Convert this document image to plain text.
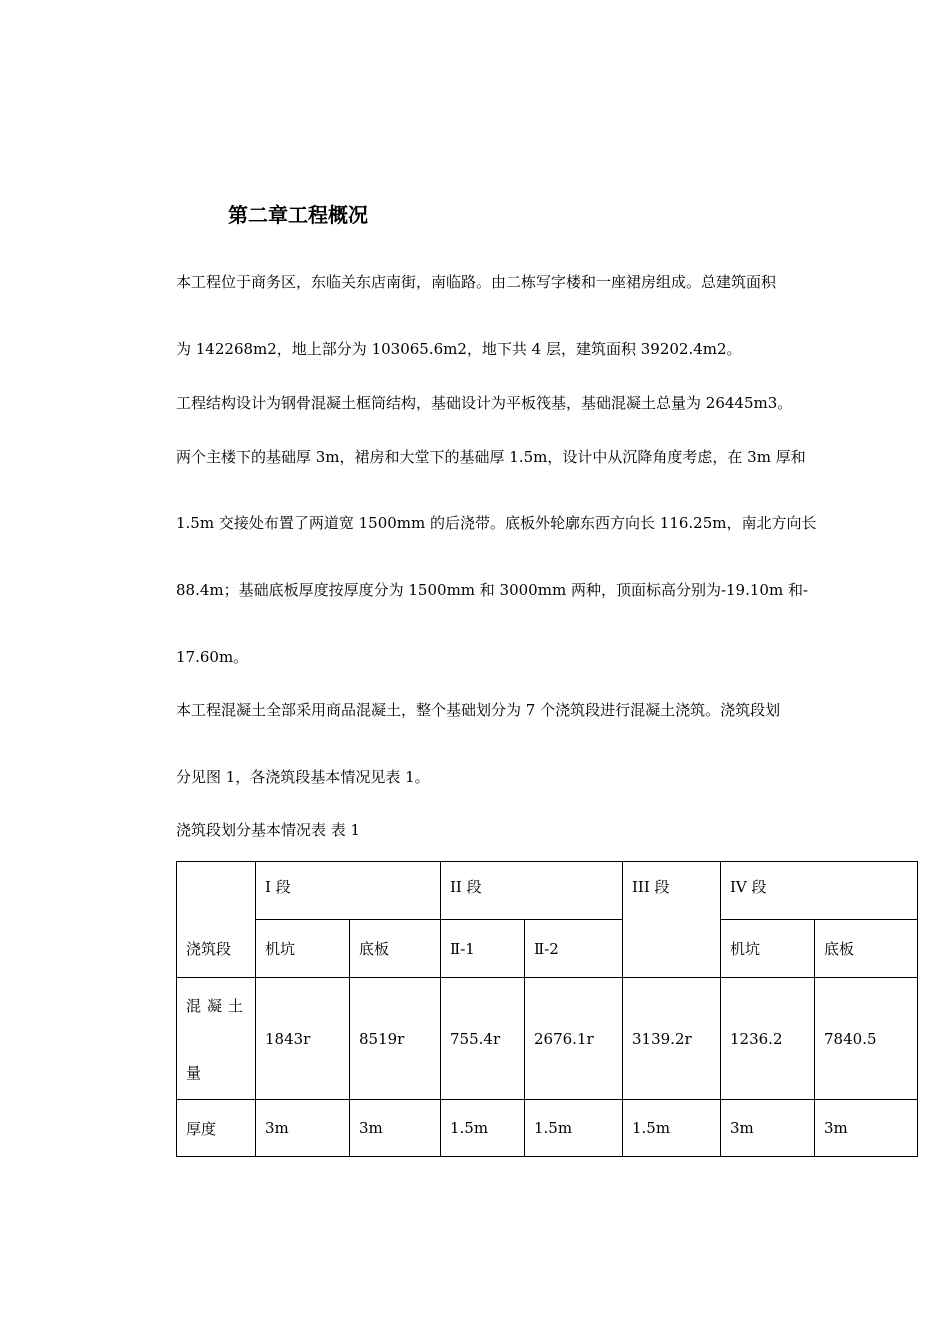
第二章工程概况

本工程位于商务区，东临关东店南街，南临路。由二栋写字楼和一座裙房组成。总建筑面积

为 142268m2，地上部分为 103065.6m2，地下共 4 层，建筑面积 39202.4m2。

工程结构设计为钢骨混凝土框筒结构，基础设计为平板筏基，基础混凝土总量为 26445m3。

两个主楼下的基础厚 3m，裙房和大堂下的基础厚 1.5m，设计中从沉降角度考虑，在 3m 厚和

1.5m 交接处布置了两道宽 1500mm 的后浇带。底板外轮廓东西方向长 116.25m，南北方向长

88.4m；基础底板厚度按厚度分为 1500mm 和 3000mm 两种，顶面标高分别为-19.10m 和-

17.60m。

本工程混凝土全部采用商品混凝土，整个基础划分为 7 个浇筑段进行混凝土浇筑。浇筑段划

分见图 1，各浇筑段基本情况见表 1。

浇筑段划分基本情况表 表 1

浇筑段	I 段		II 段		III 段	IV 段	
	机坑	底板	Ⅱ-1	Ⅱ-2		机坑	底板

混凝土
量	1843r	8519r	755.4r	2676.1r	3139.2r	1236.2	7840.5
厚度	3m	3m	1.5m	1.5m	1.5m	3m	3m
